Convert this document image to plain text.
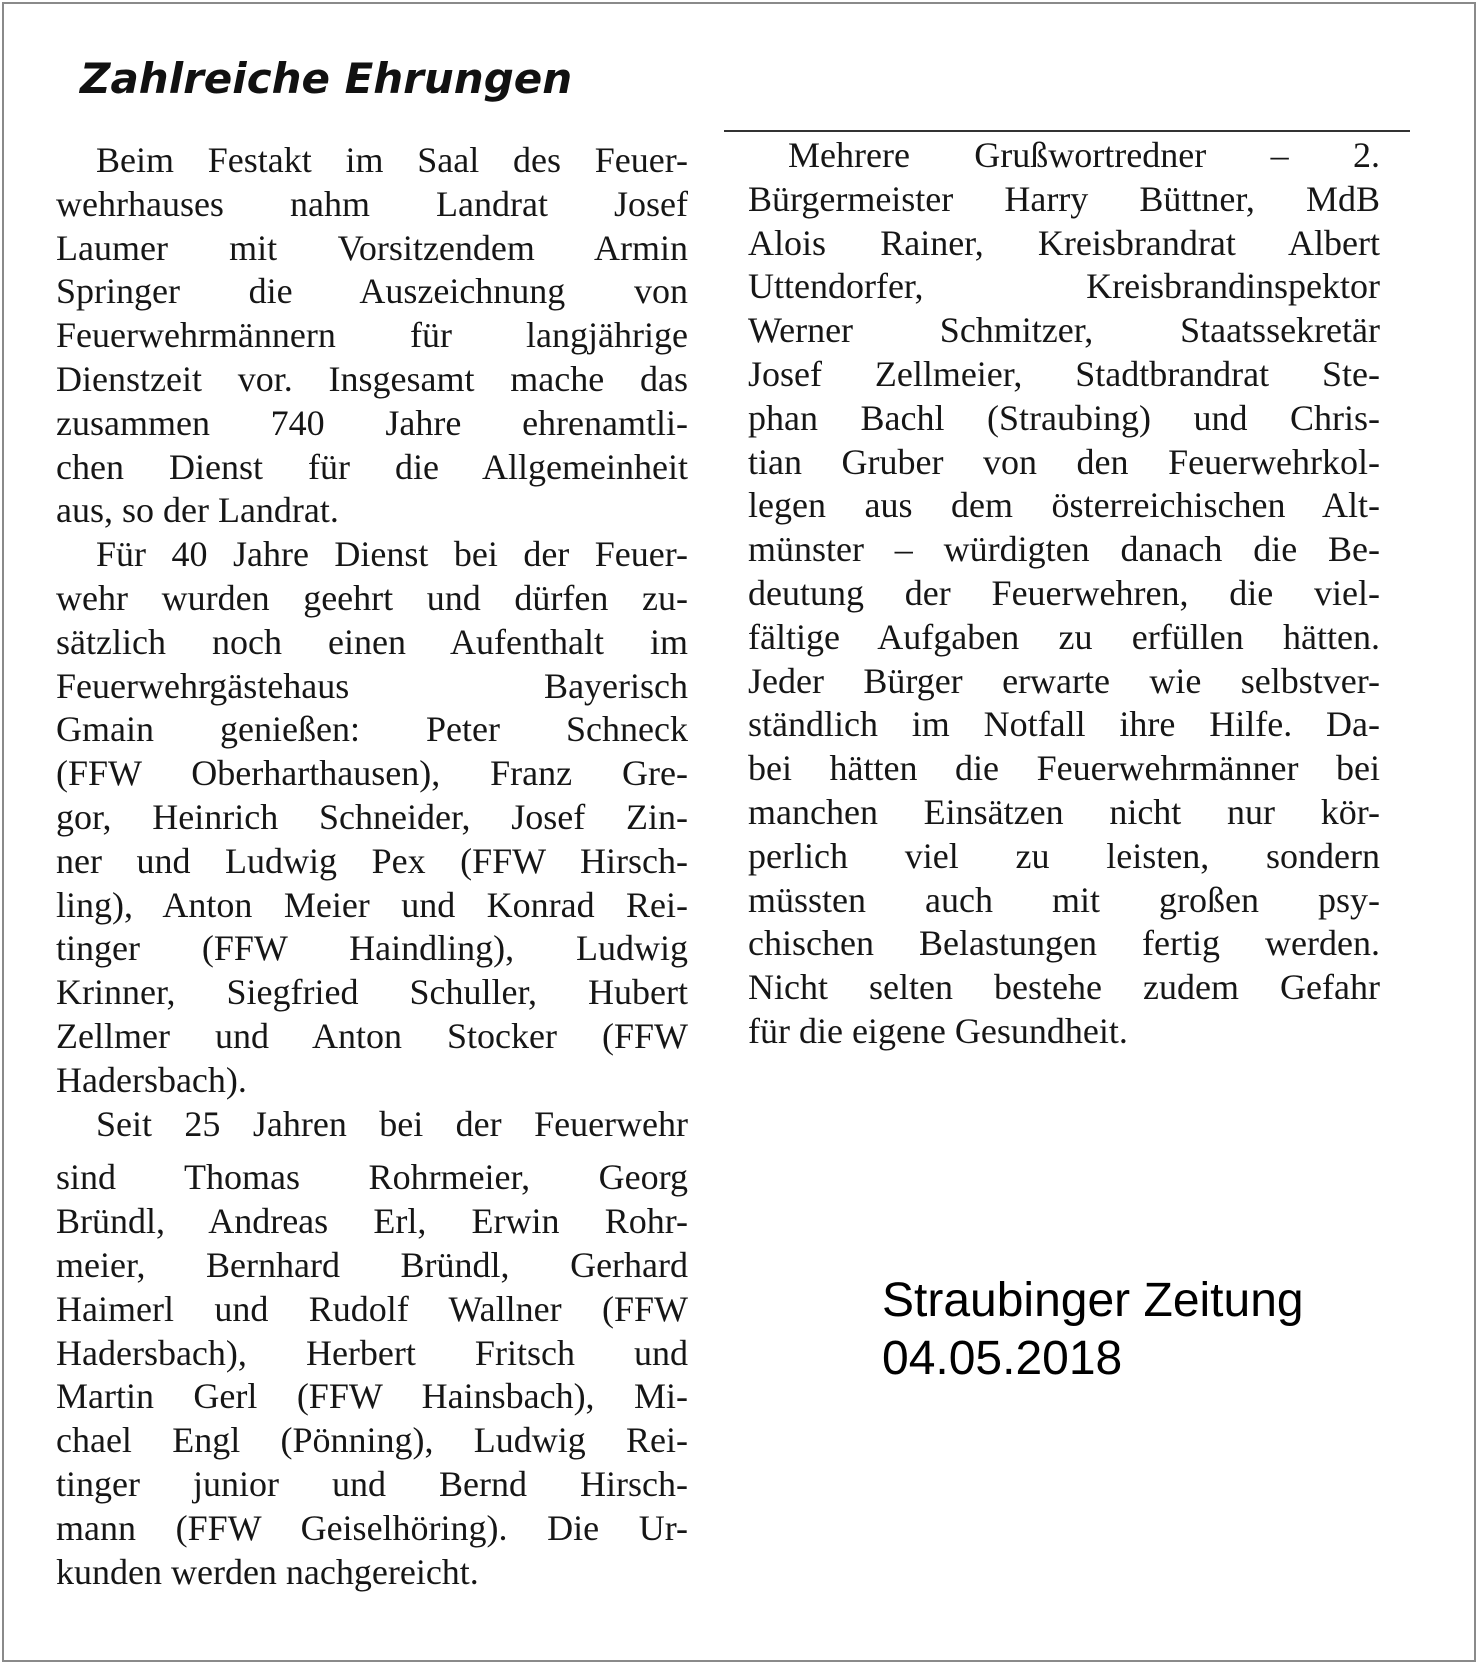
Zahlreiche Ehrungen
Beim Festakt im Saal des Feuer-
wehrhauses nahm Landrat Josef
Laumer mit Vorsitzendem Armin
Springer die Auszeichnung von
Feuerwehrmännern für langjährige
Dienstzeit vor. Insgesamt mache das
zusammen 740 Jahre ehrenamtli-
chen Dienst für die Allgemeinheit
aus, so der Landrat.
Für 40 Jahre Dienst bei der Feuer-
wehr wurden geehrt und dürfen zu-
sätzlich noch einen Aufenthalt im
Feuerwehrgästehaus Bayerisch
Gmain genießen: Peter Schneck
(FFW Oberharthausen), Franz Gre-
gor, Heinrich Schneider, Josef Zin-
ner und Ludwig Pex (FFW Hirsch-
ling), Anton Meier und Konrad Rei-
tinger (FFW Haindling), Ludwig
Krinner, Siegfried Schuller, Hubert
Zellmer und Anton Stocker (FFW
Hadersbach).
Seit 25 Jahren bei der Feuerwehr
sind Thomas Rohrmeier, Georg
Bründl, Andreas Erl, Erwin Rohr-
meier, Bernhard Bründl, Gerhard
Haimerl und Rudolf Wallner (FFW
Hadersbach), Herbert Fritsch und
Martin Gerl (FFW Hainsbach), Mi-
chael Engl (Pönning), Ludwig Rei-
tinger junior und Bernd Hirsch-
mann (FFW Geiselhöring). Die Ur-
kunden werden nachgereicht.
Mehrere Grußwortredner – 2.
Bürgermeister Harry Büttner, MdB
Alois Rainer, Kreisbrandrat Albert
Uttendorfer, Kreisbrandinspektor
Werner Schmitzer, Staatssekretär
Josef Zellmeier, Stadtbrandrat Ste-
phan Bachl (Straubing) und Chris-
tian Gruber von den Feuerwehrkol-
legen aus dem österreichischen Alt-
münster – würdigten danach die Be-
deutung der Feuerwehren, die viel-
fältige Aufgaben zu erfüllen hätten.
Jeder Bürger erwarte wie selbstver-
ständlich im Notfall ihre Hilfe. Da-
bei hätten die Feuerwehrmänner bei
manchen Einsätzen nicht nur kör-
perlich viel zu leisten, sondern
müssten auch mit großen psy-
chischen Belastungen fertig werden.
Nicht selten bestehe zudem Gefahr
für die eigene Gesundheit.
Straubinger Zeitung
04.05.2018
